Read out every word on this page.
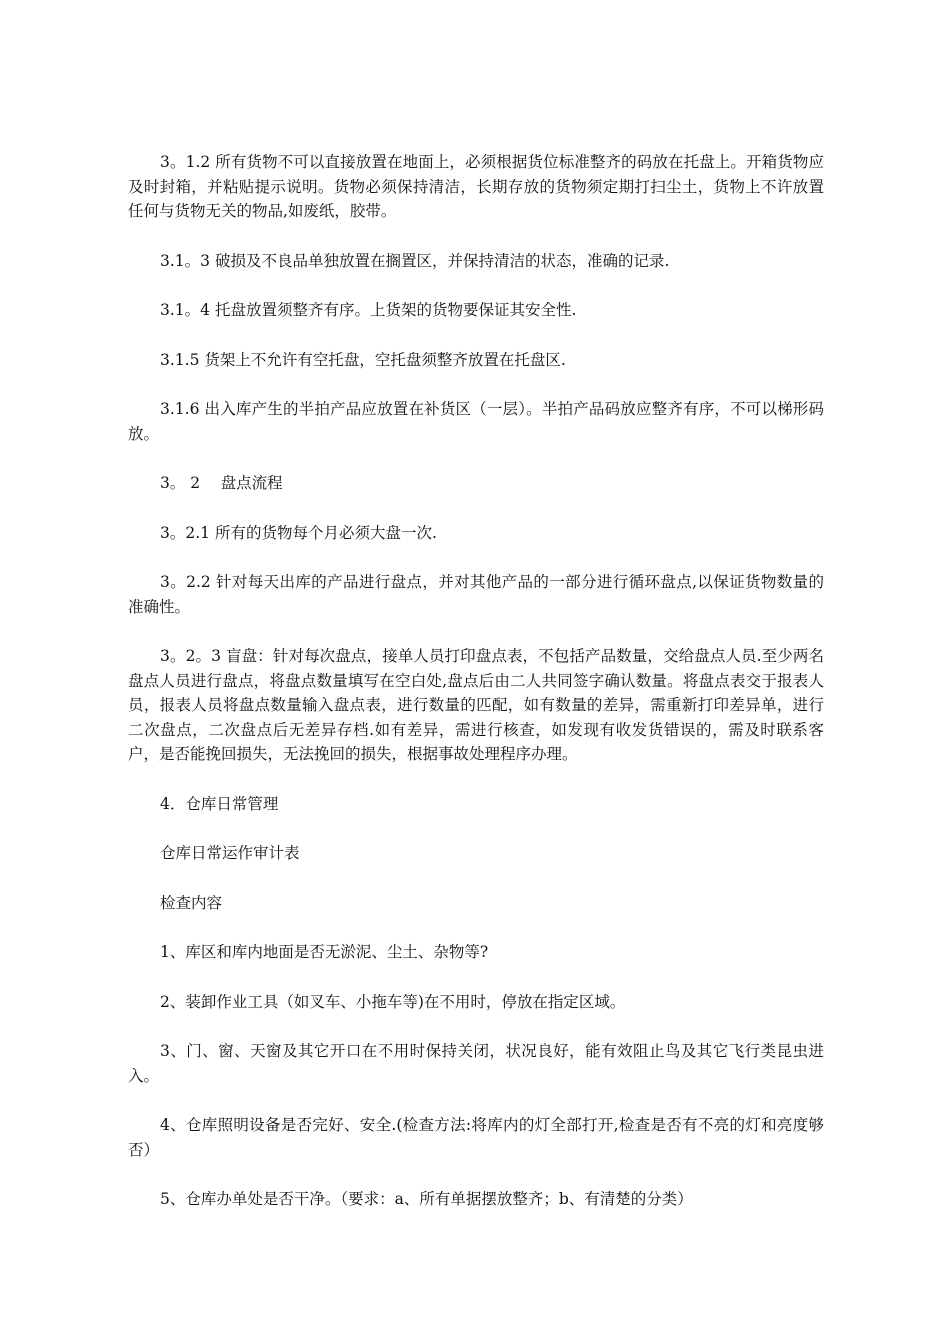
3。1.2 所有货物不可以直接放置在地面上，必须根据货位标准整齐的码放在托盘上。开箱货物应及时封箱，并粘贴提示说明。货物必须保持清洁，长期存放的货物须定期打扫尘土，货物上不许放置任何与货物无关的物品,如废纸，胶带。

3.1。3 破损及不良品单独放置在搁置区，并保持清洁的状态，准确的记录.

3.1。4 托盘放置须整齐有序。上货架的货物要保证其安全性.

3.1.5 货架上不允许有空托盘，空托盘须整齐放置在托盘区.

3.1.6 出入库产生的半拍产品应放置在补货区（一层）。半拍产品码放应整齐有序，不可以梯形码放。

3。 2　 盘点流程

3。2.1 所有的货物每个月必须大盘一次.

3。2.2 针对每天出库的产品进行盘点，并对其他产品的一部分进行循环盘点,以保证货物数量的准确性。

3。2。3 盲盘：针对每次盘点，接单人员打印盘点表，不包括产品数量，交给盘点人员.至少两名盘点人员进行盘点，将盘点数量填写在空白处,盘点后由二人共同签字确认数量。将盘点表交于报表人员，报表人员将盘点数量输入盘点表，进行数量的匹配，如有数量的差异，需重新打印差异单，进行二次盘点，二次盘点后无差异存档.如有差异，需进行核查，如发现有收发货错误的，需及时联系客户，是否能挽回损失，无法挽回的损失，根据事故处理程序办理。

4．仓库日常管理

仓库日常运作审计表

检查内容

1、库区和库内地面是否无淤泥、尘土、杂物等?

2、装卸作业工具（如叉车、小拖车等)在不用时，停放在指定区域。

3、门、窗、天窗及其它开口在不用时保持关闭，状况良好，能有效阻止鸟及其它飞行类昆虫进入。

4、仓库照明设备是否完好、安全.(检查方法:将库内的灯全部打开,检查是否有不亮的灯和亮度够否）

5、仓库办单处是否干净。（要求：a、所有单据摆放整齐；b、有清楚的分类）
